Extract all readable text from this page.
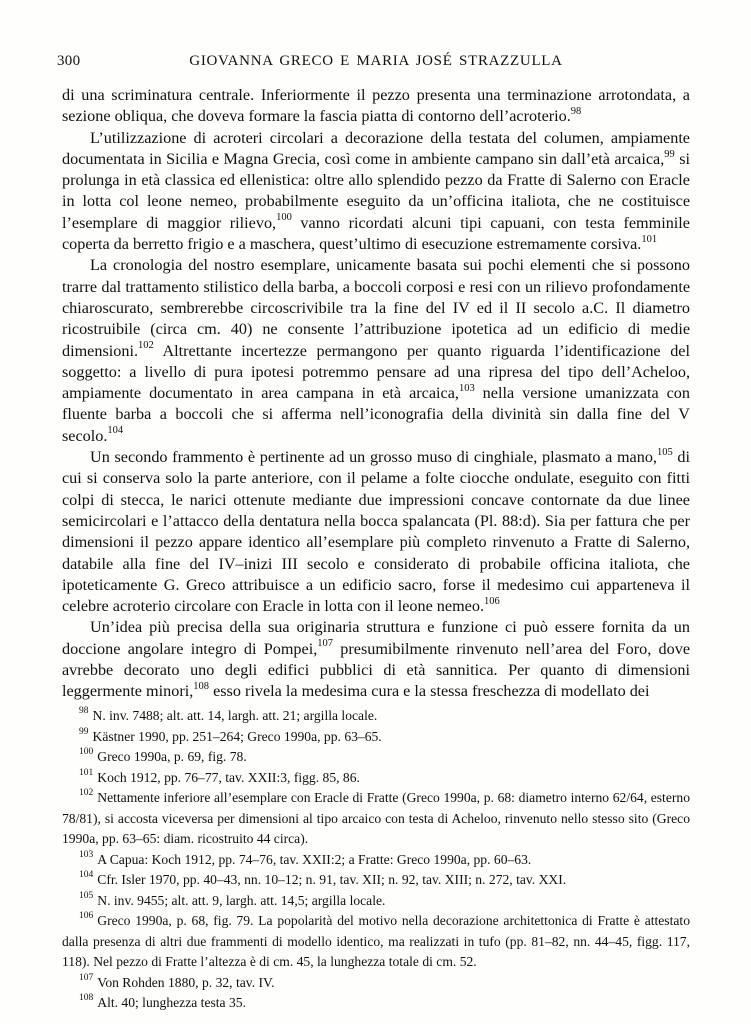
300	GIOVANNA GRECO E MARIA JOSÉ STRAZZULLA

di una scriminatura centrale. Inferiormente il pezzo presenta una terminazione arrotondata, a sezione obliqua, che doveva formare la fascia piatta di contorno dell’acroterio.$^{98}$

L’utilizzazione di acroteri circolari a decorazione della testata del columen, ampiamente documentata in Sicilia e Magna Grecia, così come in ambiente campano sin dall’età arcaica,$^{99}$ si prolunga in età classica ed ellenistica: oltre allo splendido pezzo da Fratte di Salerno con Eracle in lotta col leone nemeo, probabilmente eseguito da un’officina italiota, che ne costituisce l’esemplare di maggior rilievo,$^{100}$ vanno ricordati alcuni tipi capuani, con testa femminile coperta da berretto frigio e a maschera, quest’ultimo di esecuzione estremamente corsiva.$^{101}$

La cronologia del nostro esemplare, unicamente basata sui pochi elementi che si possono trarre dal trattamento stilistico della barba, a boccoli corposi e resi con un rilievo profondamente chiaroscurato, sembrerebbe circoscrivibile tra la fine del IV ed il II secolo a.C. Il diametro ricostruibile (circa cm. 40) ne consente l’attribuzione ipotetica ad un edificio di medie dimensioni.$^{102}$ Altrettante incertezze permangono per quanto riguarda l’identificazione del soggetto: a livello di pura ipotesi potremmo pensare ad una ripresa del tipo dell’Acheloo, ampiamente documentato in area campana in età arcaica,$^{103}$ nella versione umanizzata con fluente barba a boccoli che si afferma nell’iconografia della divinità sin dalla fine del V secolo.$^{104}$

Un secondo frammento è pertinente ad un grosso muso di cinghiale, plasmato a mano,$^{105}$ di cui si conserva solo la parte anteriore, con il pelame a folte ciocche ondulate, eseguito con fitti colpi di stecca, le narici ottenute mediante due impressioni concave contornate da due linee semicircolari e l’attacco della dentatura nella bocca spalancata (Pl. 88:d). Sia per fattura che per dimensioni il pezzo appare identico all’esemplare più completo rinvenuto a Fratte di Salerno, databile alla fine del IV–inizi III secolo e considerato di probabile officina italiota, che ipoteticamente G. Greco attribuisce a un edificio sacro, forse il medesimo cui apparteneva il celebre acroterio circolare con Eracle in lotta con il leone nemeo.$^{106}$

Un’idea più precisa della sua originaria struttura e funzione ci può essere fornita da un doccione angolare integro di Pompei,$^{107}$ presumibilmente rinvenuto nell’area del Foro, dove avrebbe decorato uno degli edifici pubblici di età sannitica. Per quanto di dimensioni leggermente minori,$^{108}$ esso rivela la medesima cura e la stessa freschezza di modellato dei

$^{98}$ N. inv. 7488; alt. att. 14, largh. att. 21; argilla locale.

$^{99}$ Kästner 1990, pp. 251–264; Greco 1990a, pp. 63–65.

$^{100}$ Greco 1990a, p. 69, fig. 78.

$^{101}$ Koch 1912, pp. 76–77, tav. XXII:3, figg. 85, 86.

$^{102}$ Nettamente inferiore all’esemplare con Eracle di Fratte (Greco 1990a, p. 68: diametro interno 62/64, esterno 78/81), si accosta viceversa per dimensioni al tipo arcaico con testa di Acheloo, rinvenuto nello stesso sito (Greco 1990a, pp. 63–65: diam. ricostruito 44 circa).

$^{103}$ A Capua: Koch 1912, pp. 74–76, tav. XXII:2; a Fratte: Greco 1990a, pp. 60–63.

$^{104}$ Cfr. Isler 1970, pp. 40–43, nn. 10–12; n. 91, tav. XII; n. 92, tav. XIII; n. 272, tav. XXI.

$^{105}$ N. inv. 9455; alt. att. 9, largh. att. 14,5; argilla locale.

$^{106}$ Greco 1990a, p. 68, fig. 79. La popolarità del motivo nella decorazione architettonica di Fratte è attestato dalla presenza di altri due frammenti di modello identico, ma realizzati in tufo (pp. 81–82, nn. 44–45, figg. 117, 118). Nel pezzo di Fratte l’altezza è di cm. 45, la lunghezza totale di cm. 52.

$^{107}$ Von Rohden 1880, p. 32, tav. IV.

$^{108}$ Alt. 40; lunghezza testa 35.
